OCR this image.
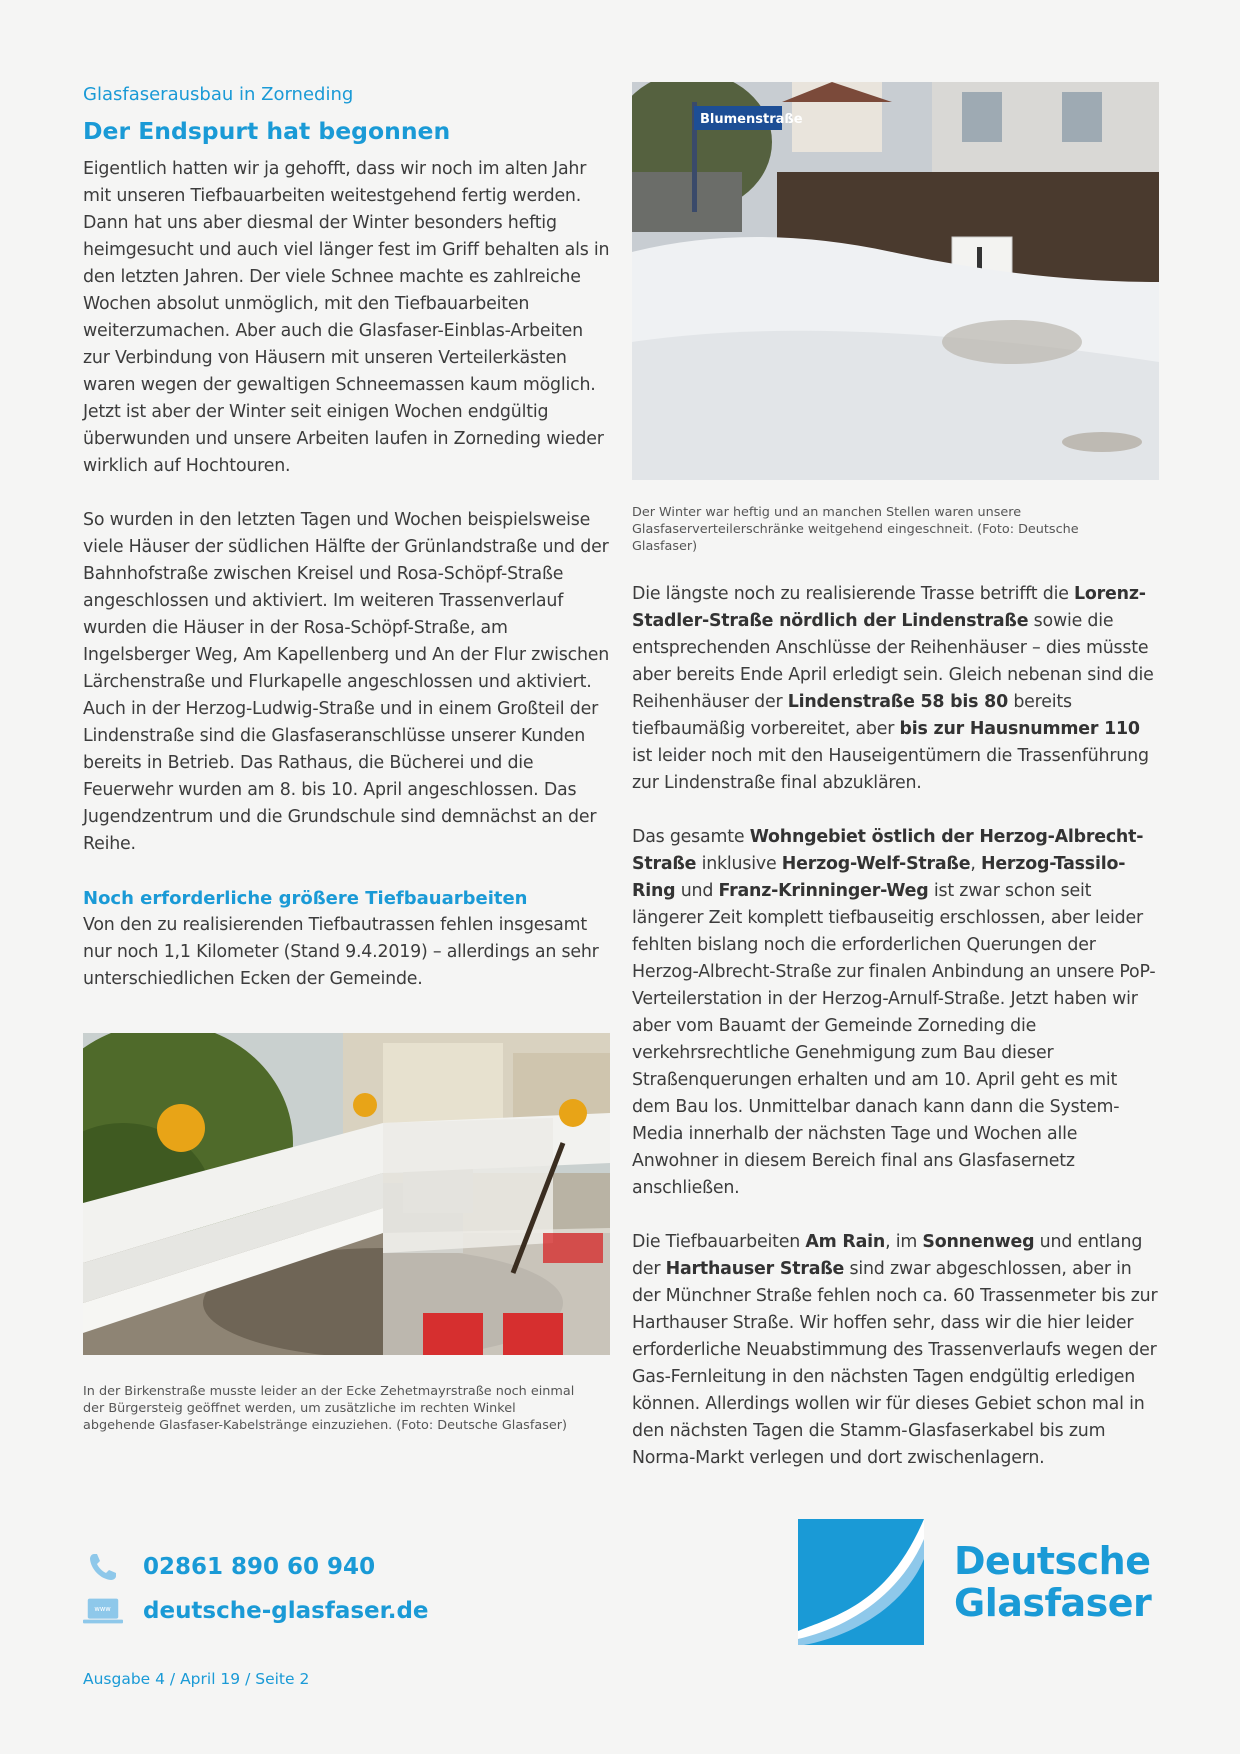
Glasfaserausbau in Zorneding
Der Endspurt hat begonnen

Eigentlich hatten wir ja gehofft, dass wir noch im alten Jahr mit unseren Tiefbauarbeiten weitestgehend fertig werden. Dann hat uns aber diesmal der Winter besonders heftig heimgesucht und auch viel länger fest im Griff behalten als in den letzten Jahren. Der viele Schnee machte es zahlreiche Wochen absolut unmöglich, mit den Tiefbauarbeiten weiterzumachen. Aber auch die Glasfaser-Einblas-Arbeiten zur Verbindung von Häusern mit unseren Verteilerkästen waren wegen der gewaltigen Schneemassen kaum möglich. Jetzt ist aber der Winter seit einigen Wochen endgültig überwunden und unsere Arbeiten laufen in Zorneding wieder wirklich auf Hochtouren.

So wurden in den letzten Tagen und Wochen beispielsweise viele Häuser der südlichen Hälfte der Grünlandstraße und der Bahnhofstraße zwischen Kreisel und Rosa-Schöpf-Straße angeschlossen und aktiviert. Im weiteren Trassenverlauf wurden die Häuser in der Rosa-Schöpf-Straße, am Ingelsberger Weg, Am Kapellenberg und An der Flur zwischen Lärchenstraße und Flurkapelle angeschlossen und aktiviert. Auch in der Herzog-Ludwig-Straße und in einem Großteil der Lindenstraße sind die Glasfaseranschlüsse unserer Kunden bereits in Betrieb. Das Rathaus, die Bücherei und die Feuerwehr wurden am 8. bis 10. April angeschlossen. Das Jugendzentrum und die Grundschule sind demnächst an der Reihe.

Noch erforderliche größere Tiefbauarbeiten

Von den zu realisierenden Tiefbautrassen fehlen insgesamt nur noch 1,1 Kilometer (Stand 9.4.2019) – allerdings an sehr unterschiedlichen Ecken der Gemeinde.

In der Birkenstraße musste leider an der Ecke Zehetmayrstraße noch einmal der Bürgersteig geöffnet werden, um zusätzliche im rechten Winkel abgehende Glasfaser-Kabelstränge einzuziehen. (Foto: Deutsche Glasfaser)

Blumenstraße

Der Winter war heftig und an manchen Stellen waren unsere Glasfaserverteilerschränke weitgehend eingeschneit. (Foto: Deutsche Glasfaser)

Die längste noch zu realisierende Trasse betrifft die Lorenz-Stadler-Straße nördlich der Lindenstraße sowie die entsprechenden Anschlüsse der Reihenhäuser – dies müsste aber bereits Ende April erledigt sein. Gleich nebenan sind die Reihenhäuser der Lindenstraße 58 bis 80 bereits tiefbaumäßig vorbereitet, aber bis zur Hausnummer 110 ist leider noch mit den Hauseigentümern die Trassenführung zur Lindenstraße final abzuklären.

Das gesamte Wohngebiet östlich der Herzog-Albrecht-Straße inklusive Herzog-Welf-Straße, Herzog-Tassilo-Ring und Franz-Krinninger-Weg ist zwar schon seit längerer Zeit komplett tiefbauseitig erschlossen, aber leider fehlten bislang noch die erforderlichen Querungen der Herzog-Albrecht-Straße zur finalen Anbindung an unsere PoP-Verteilerstation in der Herzog-Arnulf-Straße. Jetzt haben wir aber vom Bauamt der Gemeinde Zorneding die verkehrsrechtliche Genehmigung zum Bau dieser Straßenquerungen erhalten und am 10. April geht es mit dem Bau los. Unmittelbar danach kann dann die System-Media innerhalb der nächsten Tage und Wochen alle Anwohner in diesem Bereich final ans Glasfasernetz anschließen.

Die Tiefbauarbeiten Am Rain, im Sonnenweg und entlang der Harthauser Straße sind zwar abgeschlossen, aber in der Münchner Straße fehlen noch ca. 60 Trassenmeter bis zur Harthauser Straße. Wir hoffen sehr, dass wir die hier leider erforderliche Neuabstimmung des Trassenverlaufs wegen der Gas-Fernleitung in den nächsten Tagen endgültig erledigen können. Allerdings wollen wir für dieses Gebiet schon mal in den nächsten Tagen die Stamm-Glasfaserkabel bis zum Norma-Markt verlegen und dort zwischenlagern.

02861 890 60 940
www deutsche-glasfaser.de
Ausgabe 4 / April 19 / Seite 2
Deutsche
Glasfaser
